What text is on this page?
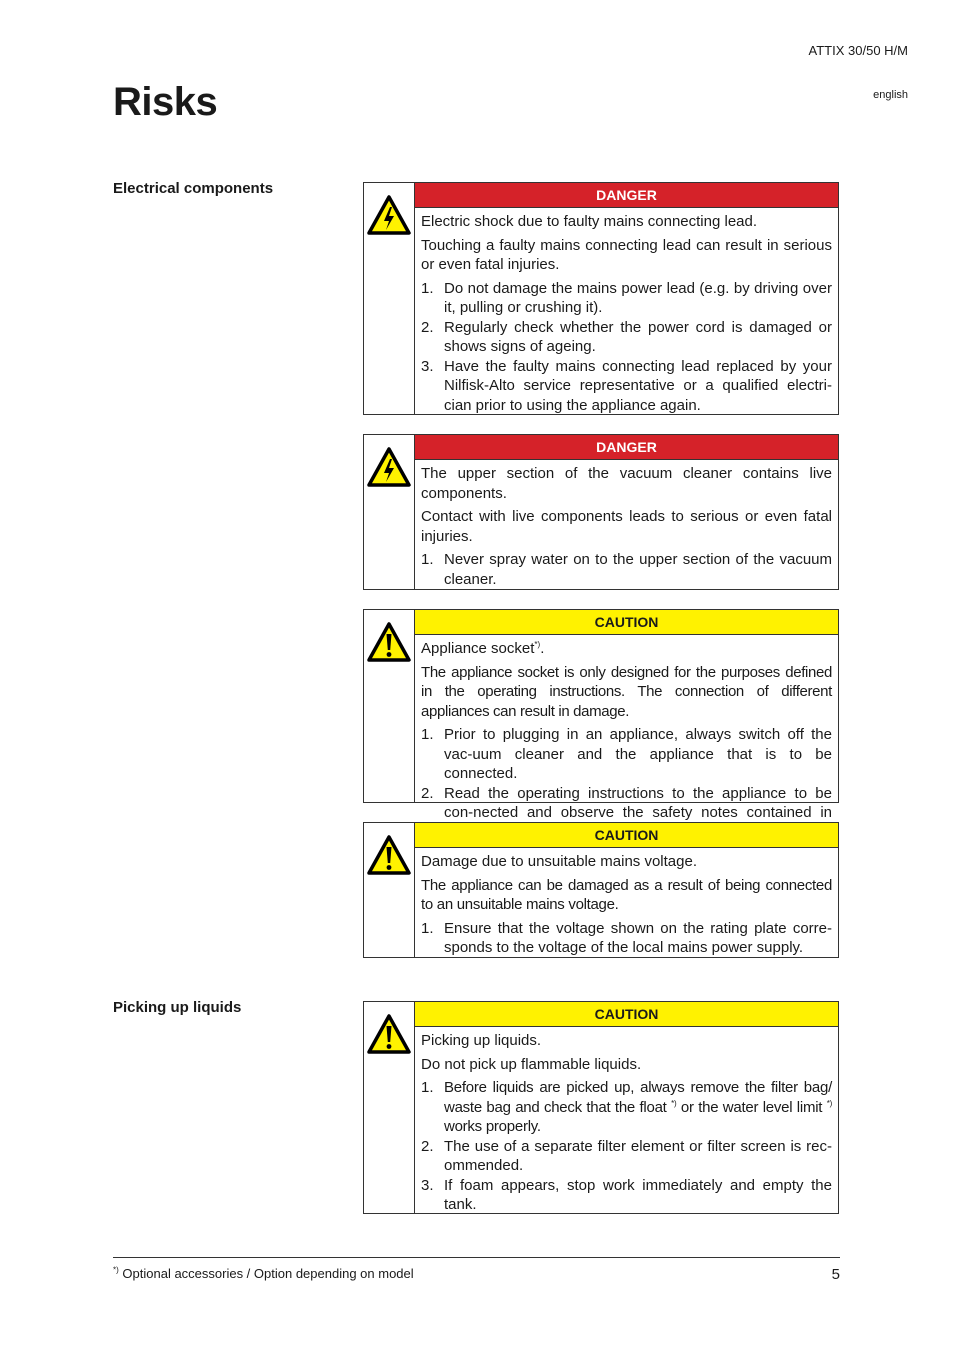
ATTIX 30/50 H/M
english
Risks
Electrical components
Picking up liquids
DANGER

Electric shock due to faulty mains connecting lead.

Touching a faulty mains connecting lead can result in serious or even fatal injuries.

1. Do not damage the mains power lead (e.g. by driving over it, pulling or crushing it).
2. Regularly check whether the power cord is damaged or shows signs of ageing.
3. Have the faulty mains connecting lead replaced by your Nilfisk-Alto service representative or a qualified electri-cian prior to using the appliance again.
DANGER

The upper section of the vacuum cleaner contains live components.

Contact with live components leads to serious or even fatal injuries.

1. Never spray water on to the upper section of the vacuum cleaner.
CAUTION

Appliance socket*).

The appliance socket is only designed for the purposes defined in the operating instructions. The connection of different appliances can result in damage.

1. Prior to plugging in an appliance, always switch off the vac-uum cleaner and the appliance that is to be connected.
2. Read the operating instructions to the appliance to be con-nected and observe the safety notes contained in
CAUTION

Damage due to unsuitable mains voltage.

The appliance can be damaged as a result of being connected to an unsuitable mains voltage.

1. Ensure that the voltage shown on the rating plate corre-sponds to the voltage of the local mains power supply.
CAUTION

Picking up liquids.

Do not pick up flammable liquids.

1. Before liquids are picked up, always remove the filter bag/ waste bag and check that the float *) or the water level limit *) works properly.
2. The use of a separate filter element or filter screen is rec-ommended.
3. If foam appears, stop work immediately and empty the tank.
*) Optional accessories / Option depending on model	5
